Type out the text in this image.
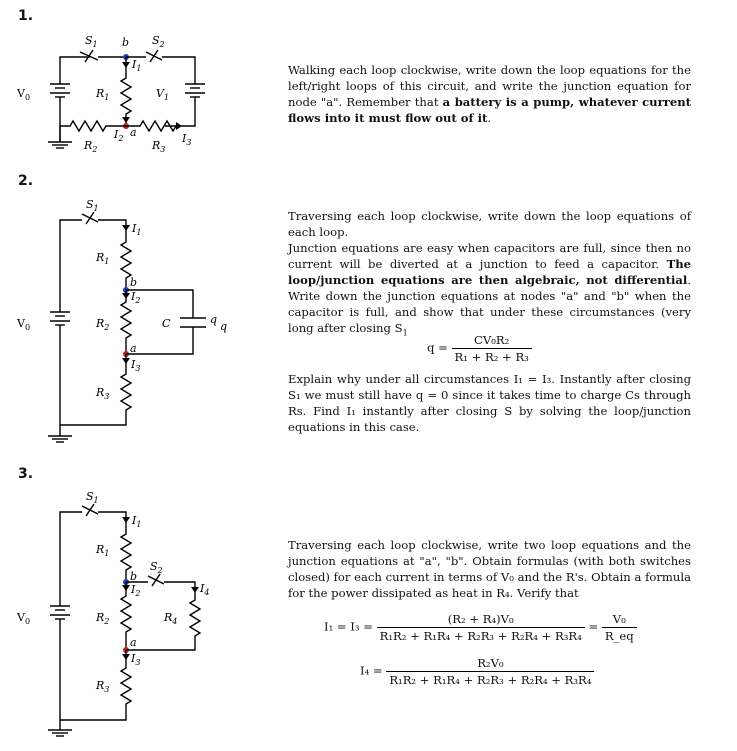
1.
$S_1$ b $S_2$
$I_1$
$R_1$	$V_1$
$V_0$
$I_2$ a
$R_2$
$I_3$
$R_3$
Walking each loop clockwise, write down the loop equations for the left/right loops of this circuit, and write the junction equation for node "a". Remember that a battery is a pump, whatever current flows into it must flow out of it.
2.
$V_0$
$S_1$
$I_1$
$R_1$
b
$I_2$
$R_2$
a
$I_3$
$R_3$
C	q
q
Traversing each loop clockwise, write down the loop equations of each loop.
Junction equations are easy when capacitors are full, since then no current will be diverted at a junction to feed a capacitor. The loop/junction equations are then algebraic, not differential. Write down the junction equations at nodes "a" and "b" when the capacitor is full, and show that under these circumstances (very long after closing $S_1$
$q = \frac{\text{CV₀R₂}}{\text{R₁ + R₂ + R₃}}$
Explain why under all circumstances I₁ = I₃. Instantly after closing S₁ we must still have q = 0 since it takes time to charge Cs through Rs. Find I₁ instantly after closing S by solving the loop/junction equations in this case.
3.
$V_0$
$S_1$
$I_1$
$R_1$
b
$I_2$
$R_2$
a
$I_3$
$R_3$
$S_2$
$I_4$
$R_4$
Traversing each loop clockwise, write two loop equations and the junction equations at "a", "b". Obtain formulas (with both switches closed) for each current in terms of V₀ and the R's. Obtain a formula for the power dissipated as heat in R₄. Verify that
$I_1 = I_3 = \frac{\text{(R₂ + R₄)V₀}}{\text{R₁R₂ + R₁R₄ + R₂R₃ + R₂R₄ + R₃R₄}} = \frac{\text{V₀}}{R\_eq}$
$I_4 = \frac{\text{R₂V₀}}{\text{R₁R₂ + R₁R₄ + R₂R₃ + R₂R₄ + R₃R₄}}$
